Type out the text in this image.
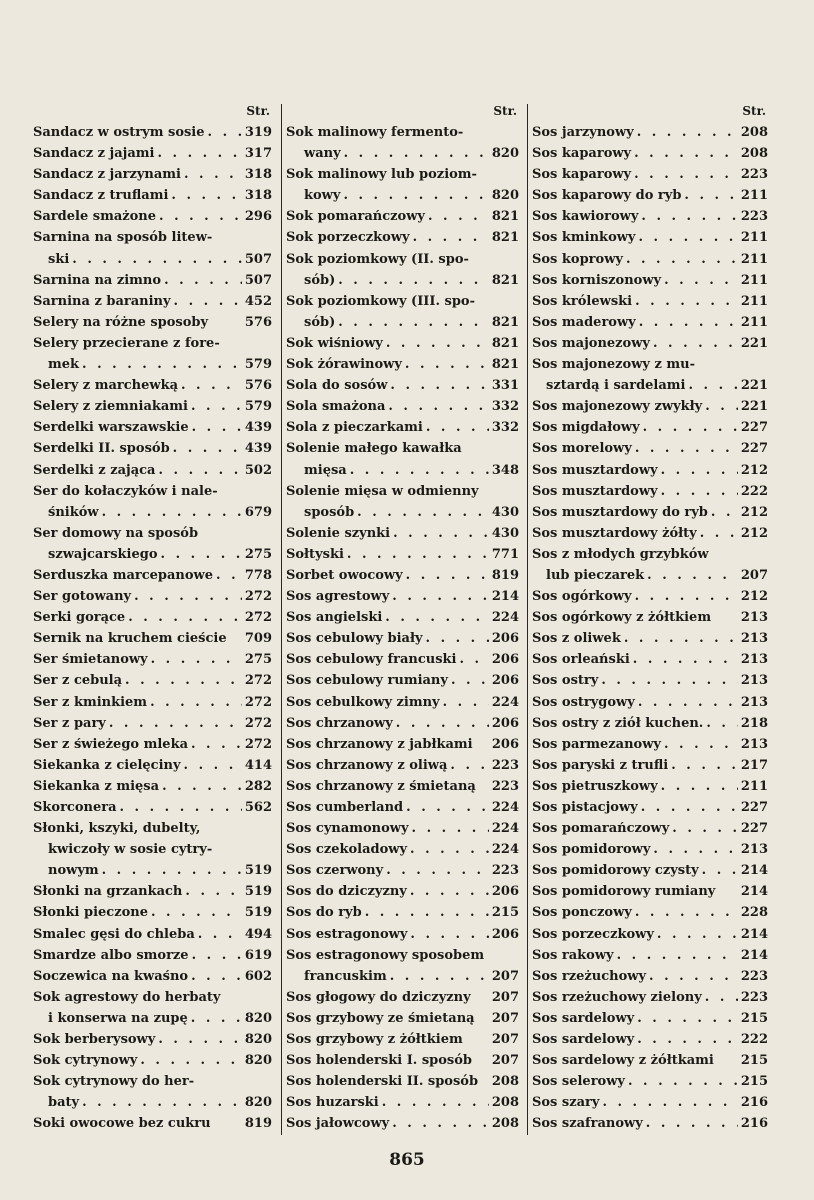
Str.
Sandacz w ostrym sosie . . .	319
Sandacz z jajami . . .	317
Sandacz z jarzynami . . .	318
Sandacz z truflami . . .	318
Sardele smażone . . .	296
Sarnina na sposób litew-
ski . . .	507
Sarnina na zimno . . .	507
Sarnina z baraniny . . .	452
Selery na różne sposoby	576
Selery przecierane z fore-
mek . . .	579
Selery z marchewką . . .	576
Selery z ziemniakami . . .	579
Serdelki warszawskie . . .	439
Serdelki II. sposób . . .	439
Serdelki z zająca . . .	502
Ser do kołaczyków i nale-
śników . . .	679
Ser domowy na sposób
szwajcarskiego . . .	275
Serduszka marcepanowe . . . 778
Ser gotowany . . .	272
Serki gorące . . .	272
Sernik na kruchem cieście 709
Ser śmietanowy . . .	275
Ser z cebulą . . .	272
Ser z kminkiem . . .	272
Ser z pary . . .	272
Ser z świeżego mleka . . .	272
Siekanka z cielęciny . . .	414
Siekanka z mięsa . . .	282
Skorconera . . .	562
Słonki, kszyki, dubelty,
kwiczoły w sosie cytry-
nowym . . .	519
Słonki na grzankach . . .	519
Słonki pieczone . . .	519
Smalec gęsi do chleba . . .	494
Smardze albo smorze . . .	619
Soczewica na kwaśno . . .	602
Sok agrestowy do herbaty
i konserwa na zupę . . .	820
Sok berberysowy . . .	820
Sok cytrynowy . . .	820
Sok cytrynowy do her-
baty . . .	820
Soki owocowe bez cukru	819
Str.
Sok malinowy fermento-
wany . . .	820
Sok malinowy lub poziom-
kowy . . .	820
Sok pomarańczowy . . .	821
Sok porzeczkowy . . .	821
Sok poziomkowy (II. spo-
sób) . . .	821
Sok poziomkowy (III. spo-
sób) . . .	821
Sok wiśniowy . . .	821
Sok żórawinowy . . .	821
Sola do sosów . . .	331
Sola smażona . . .	332
Sola z pieczarkami . . .	332
Solenie małego kawałka
mięsa . . .	348
Solenie mięsa w odmienny
sposób . . .	430
Solenie szynki . . .	430
Sołtyski . . .	771
Sorbet owocowy . . .	819
Sos agrestowy . . .	214
Sos angielski . . .	224
Sos cebulowy biały . . .	206
Sos cebulowy francuski . . .	206
Sos cebulowy rumiany . . .	206
Sos cebulkowy zimny . . .	224
Sos chrzanowy . . .	206
Sos chrzanowy z jabłkami 206
Sos chrzanowy z oliwą . . .	223
Sos chrzanowy z śmietaną 223
Sos cumberland . . .	224
Sos cynamonowy . . .	224
Sos czekoladowy . . .	224
Sos czerwony . . .	223
Sos do dziczyzny . . .	206
Sos do ryb . . .	215
Sos estragonowy . . .	206
Sos estragonowy sposobem
francuskim . . .	207
Sos głogowy do dziczyzny 207
Sos grzybowy ze śmietaną 207
Sos grzybowy z żółtkiem 207
Sos holenderski I. sposób 207
Sos holenderski II. sposób 208
Sos huzarski . . .	208
Sos jałowcowy . . .	208
Str.
Sos jarzynowy . . .	208
Sos kaparowy . . .	208
Sos kaparowy . . .	223
Sos kaparowy do ryb . . .	211
Sos kawiorowy . . .	223
Sos kminkowy . . .	211
Sos koprowy . . .	211
Sos korniszonowy . . .	211
Sos królewski . . .	211
Sos maderowy . . .	211
Sos majonezowy . . .	221
Sos majonezowy z mu-
sztardą i sardelami . . .	221
Sos majonezowy zwykły . . .	221
Sos migdałowy . . .	227
Sos morelowy . . .	227
Sos musztardowy . . .	212
Sos musztardowy . . .	222
Sos musztardowy do ryb . . .	212
Sos musztardowy żółty . . .	212
Sos z młodych grzybków
lub pieczarek . . .	207
Sos ogórkowy . . .	212
Sos ogórkowy z żółtkiem 213
Sos z oliwek . . .	213
Sos orleański . . .	213
Sos ostry . . .	213
Sos ostrygowy . . .	213
Sos ostry z ziół kuchen. . . .	218
Sos parmezanowy . . .	213
Sos paryski z trufli . . .	217
Sos pietruszkowy . . .	211
Sos pistacjowy . . .	227
Sos pomarańczowy . . .	227
Sos pomidorowy . . .	213
Sos pomidorowy czysty . . .	214
Sos pomidorowy rumiany 214
Sos ponczowy . . .	228
Sos porzeczkowy . . .	214
Sos rakowy . . .	214
Sos rzeżuchowy . . .	223
Sos rzeżuchowy zielony . . .	223
Sos sardelowy . . .	215
Sos sardelowy . . .	222
Sos sardelowy z żółtkami 215
Sos selerowy . . .	215
Sos szary . . .	216
Sos szafranowy . . .	216
865
